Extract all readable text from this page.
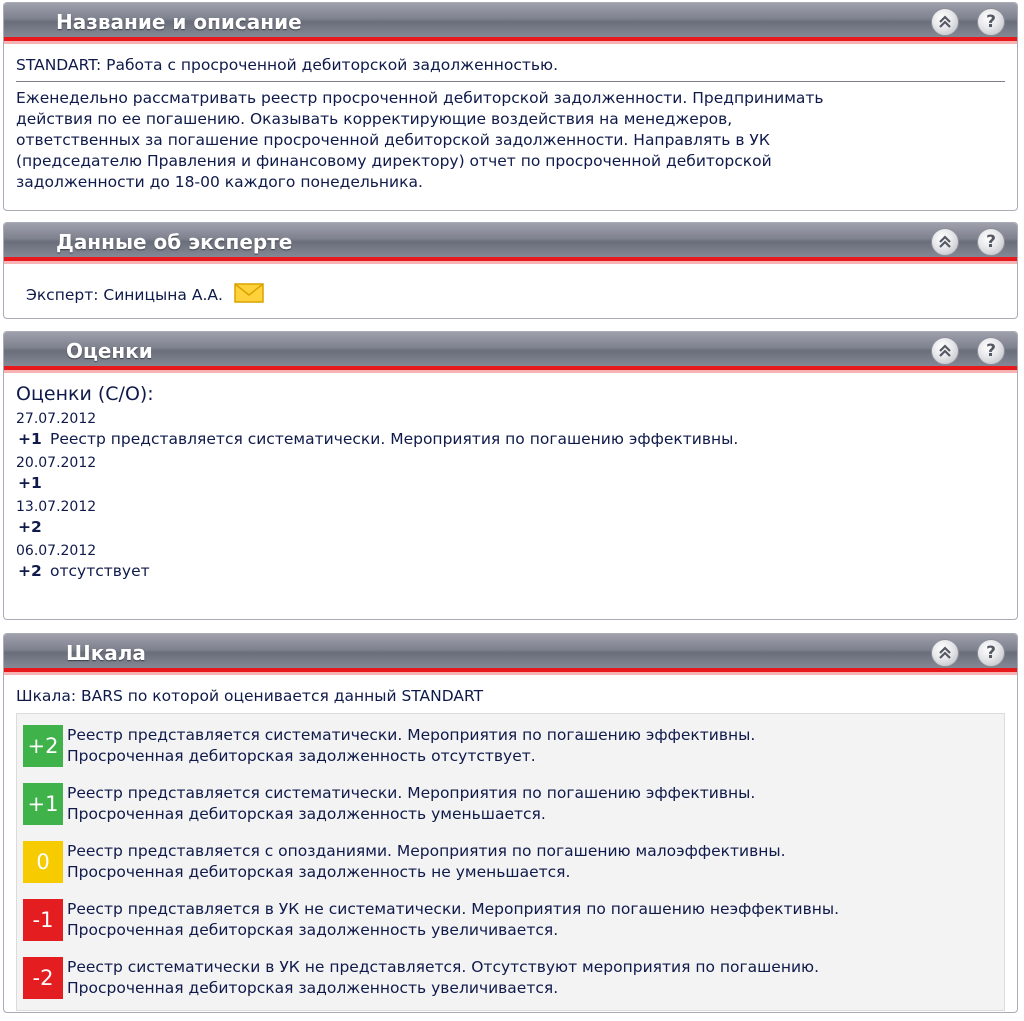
Название и описание	?
STANDART: Работа с просроченной дебиторской задолженностью.
Еженедельно рассматривать реестр просроченной дебиторской задолженности. Предпринимать
действия по ее погашению. Оказывать корректирующие воздействия на менеджеров,
ответственных за погашение просроченной дебиторской задолженности. Направлять в УК
(председателю Правления и финансовому директору) отчет по просроченной дебиторской
задолженности до 18-00 каждого понедельника.
Данные об эксперте	?
Эксперт: Синицына А.А.
Оценки	?
Оценки (С/О):
27.07.2012
+1 Реестр представляется систематически. Мероприятия по погашению эффективны.
20.07.2012
+1
13.07.2012
+2
06.07.2012
+2 отсутствует
Шкала	?
Шкала: BARS по которой оценивается данный STANDART
+2 Реестр представляется систематически. Мероприятия по погашению эффективны.
Просроченная дебиторская задолженность отсутствует.
+1 Реестр представляется систематически. Мероприятия по погашению эффективны.
Просроченная дебиторская задолженность уменьшается.
0	Реестр представляется с опозданиями. Мероприятия по погашению малоэффективны.
Просроченная дебиторская задолженность не уменьшается.
-1 Реестр представляется в УК не систематически. Мероприятия по погашению неэффективны.
Просроченная дебиторская задолженность увеличивается.
-2 Реестр систематически в УК не представляется. Отсутствуют мероприятия по погашению.
Просроченная дебиторская задолженность увеличивается.
